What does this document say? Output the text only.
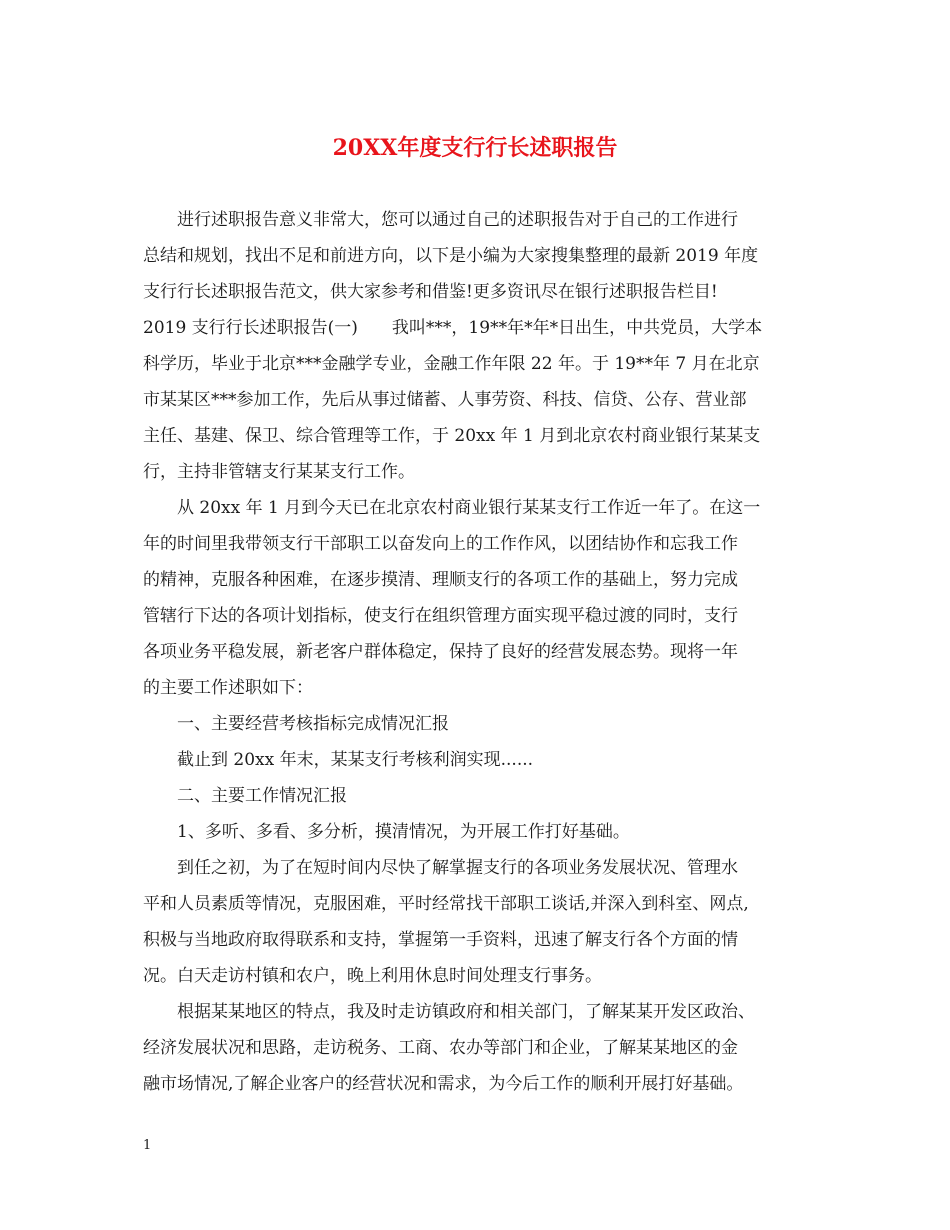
20XX年度支行行长述职报告
进行述职报告意义非常大，您可以通过自己的述职报告对于自己的工作进行
总结和规划，找出不足和前进方向，以下是小编为大家搜集整理的最新 2019 年度
支行行长述职报告范文，供大家参考和借鉴!更多资讯尽在银行述职报告栏目!
2019 支行行长述职报告(一)　　我叫***，19**年*年*日出生，中共党员，大学本
科学历，毕业于北京***金融学专业，金融工作年限 22 年。于 19**年 7 月在北京
市某某区***参加工作，先后从事过储蓄、人事劳资、科技、信贷、公存、营业部
主任、基建、保卫、综合管理等工作，于 20xx 年 1 月到北京农村商业银行某某支
行，主持非管辖支行某某支行工作。
从 20xx 年 1 月到今天已在北京农村商业银行某某支行工作近一年了。在这一
年的时间里我带领支行干部职工以奋发向上的工作作风，以团结协作和忘我工作
的精神，克服各种困难，在逐步摸清、理顺支行的各项工作的基础上，努力完成
管辖行下达的各项计划指标，使支行在组织管理方面实现平稳过渡的同时，支行
各项业务平稳发展，新老客户群体稳定，保持了良好的经营发展态势。现将一年
的主要工作述职如下：
一、主要经营考核指标完成情况汇报
截止到 20xx 年末，某某支行考核利润实现......
二、主要工作情况汇报
1、多听、多看、多分析，摸清情况，为开展工作打好基础。
到任之初，为了在短时间内尽快了解掌握支行的各项业务发展状况、管理水
平和人员素质等情况，克服困难，平时经常找干部职工谈话,并深入到科室、网点,
积极与当地政府取得联系和支持，掌握第一手资料，迅速了解支行各个方面的情
况。白天走访村镇和农户，晚上利用休息时间处理支行事务。
根据某某地区的特点，我及时走访镇政府和相关部门，了解某某开发区政治、
经济发展状况和思路，走访税务、工商、农办等部门和企业，了解某某地区的金
融市场情况,了解企业客户的经营状况和需求，为今后工作的顺利开展打好基础。
1
